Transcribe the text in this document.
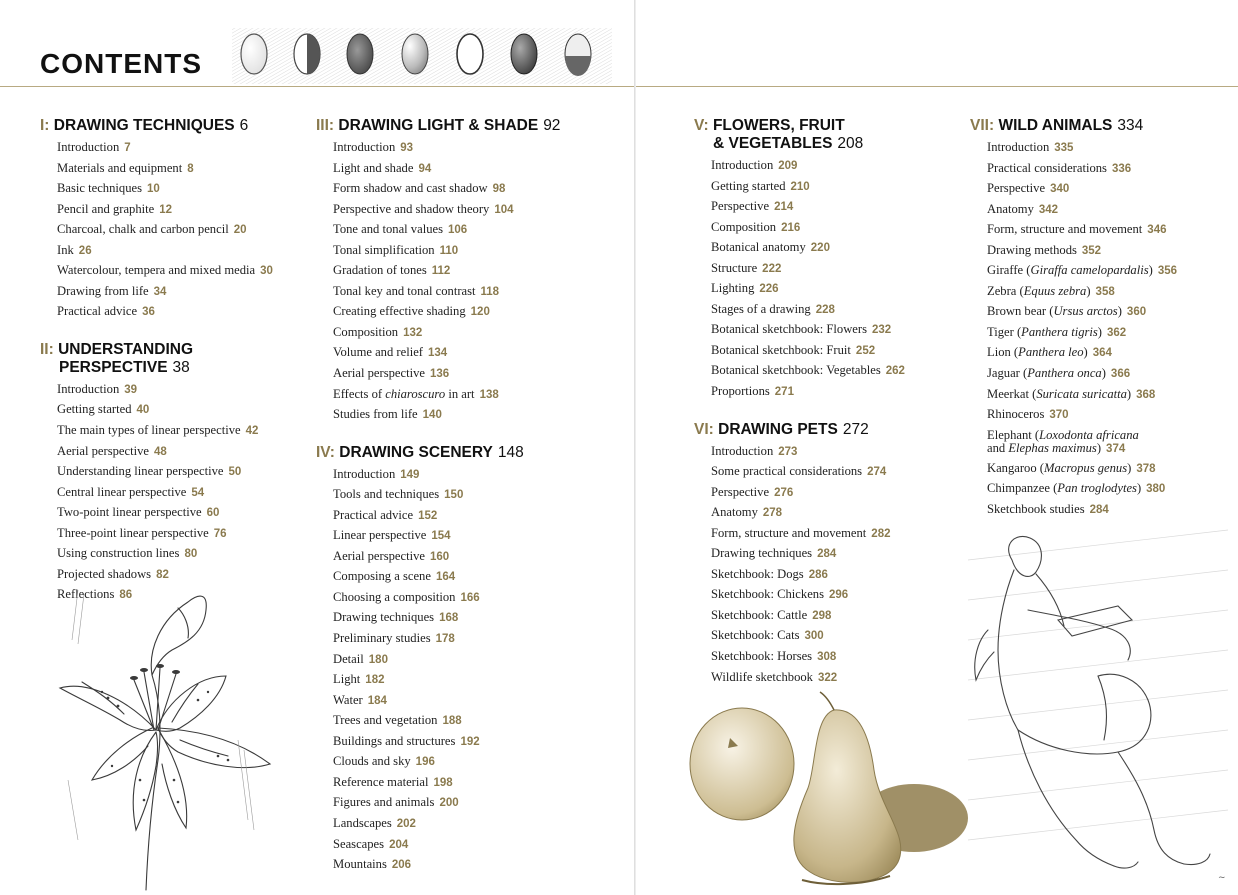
CONTENTS
I: DRAWING TECHNIQUES 6
Introduction 7
Materials and equipment 8
Basic techniques 10
Pencil and graphite 12
Charcoal, chalk and carbon pencil 20
Ink 26
Watercolour, tempera and mixed media 30
Drawing from life 34
Practical advice 36
II: UNDERSTANDING
PERSPECTIVE 38
Introduction 39
Getting started 40
The main types of linear perspective 42
Aerial perspective 48
Understanding linear perspective 50
Central linear perspective 54
Two-point linear perspective 60
Three-point linear perspective 76
Using construction lines 80
Projected shadows 82
Reflections 86
III: DRAWING LIGHT & SHADE 92
Introduction 93
Light and shade 94
Form shadow and cast shadow 98
Perspective and shadow theory 104
Tone and tonal values 106
Tonal simplification 110
Gradation of tones 112
Tonal key and tonal contrast 118
Creating effective shading 120
Composition 132
Volume and relief 134
Aerial perspective 136
Effects of chiaroscuro in art 138
Studies from life 140
IV: DRAWING SCENERY 148
Introduction 149
Tools and techniques 150
Practical advice 152
Linear perspective 154
Aerial perspective 160
Composing a scene 164
Choosing a composition 166
Drawing techniques 168
Preliminary studies 178
Detail 180
Light 182
Water 184
Trees and vegetation 188
Buildings and structures 192
Clouds and sky 196
Reference material 198
Figures and animals 200
Landscapes 202
Seascapes 204
Mountains 206
V: FLOWERS, FRUIT
& VEGETABLES 208
Introduction 209
Getting started 210
Perspective 214
Composition 216
Botanical anatomy 220
Structure 222
Lighting 226
Stages of a drawing 228
Botanical sketchbook: Flowers 232
Botanical sketchbook: Fruit 252
Botanical sketchbook: Vegetables 262
Proportions 271
VI: DRAWING PETS 272
Introduction 273
Some practical considerations 274
Perspective 276
Anatomy 278
Form, structure and movement 282
Drawing techniques 284
Sketchbook: Dogs 286
Sketchbook: Chickens 296
Sketchbook: Cattle 298
Sketchbook: Cats 300
Sketchbook: Horses 308
Wildlife sketchbook 322
VII: WILD ANIMALS 334
Introduction 335
Practical considerations 336
Perspective 340
Anatomy 342
Form, structure and movement 346
Drawing methods 352
Giraffe (Giraffa camelopardalis) 356
Zebra (Equus zebra) 358
Brown bear (Ursus arctos) 360
Tiger (Panthera tigris) 362
Lion (Panthera leo) 364
Jaguar (Panthera onca) 366
Meerkat (Suricata suricatta) 368
Rhinoceros 370
Elephant (Loxodonta africana
and Elephas maximus) 374
Kangaroo (Macropus genus) 378
Chimpanzee (Pan troglodytes) 380
Sketchbook studies 284
~
